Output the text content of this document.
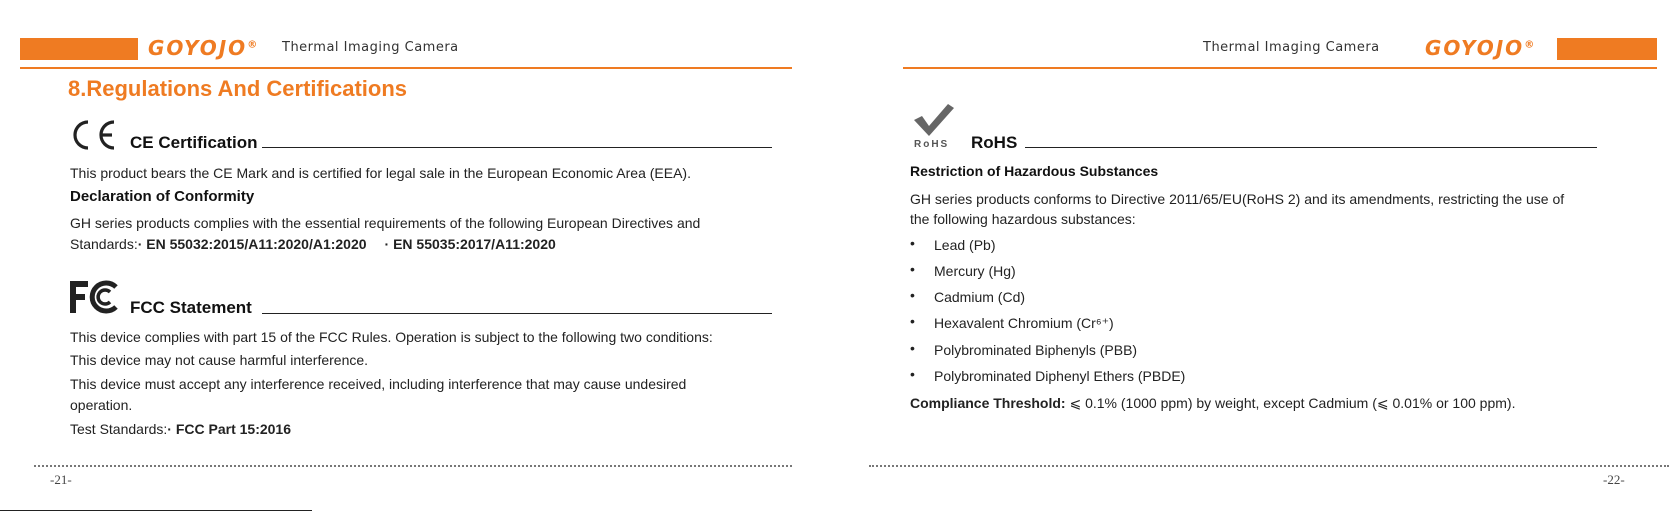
GOYOJO® Thermal Imaging Camera
8.Regulations And Certifications
CE Certification
This product bears the CE Mark and is certified for legal sale in the European Economic Area (EEA).
Declaration of Conformity
GH series products complies with the essential requirements of the following European Directives and
Standards:· EN 55032:2015/A11:2020/A1:2020 · EN 55035:2017/A11:2020
FCC Statement
This device complies with part 15 of the FCC Rules. Operation is subject to the following two conditions:
This device may not cause harmful interference.
This device must accept any interference received, including interference that may cause undesired
operation.
Test Standards:· FCC Part 15:2016
-21-
Thermal Imaging Camera GOYOJO®
RoHS RoHS
Restriction of Hazardous Substances
GH series products conforms to Directive 2011/65/EU(RoHS 2) and its amendments, restricting the use of
the following hazardous substances:
• Lead (Pb)
• Mercury (Hg)
• Cadmium (Cd)
• Hexavalent Chromium (Cr⁶⁺)
• Polybrominated Biphenyls (PBB)
• Polybrominated Diphenyl Ethers (PBDE)
Compliance Threshold: ⩽ 0.1% (1000 ppm) by weight, except Cadmium (⩽ 0.01% or 100 ppm).
-22-
